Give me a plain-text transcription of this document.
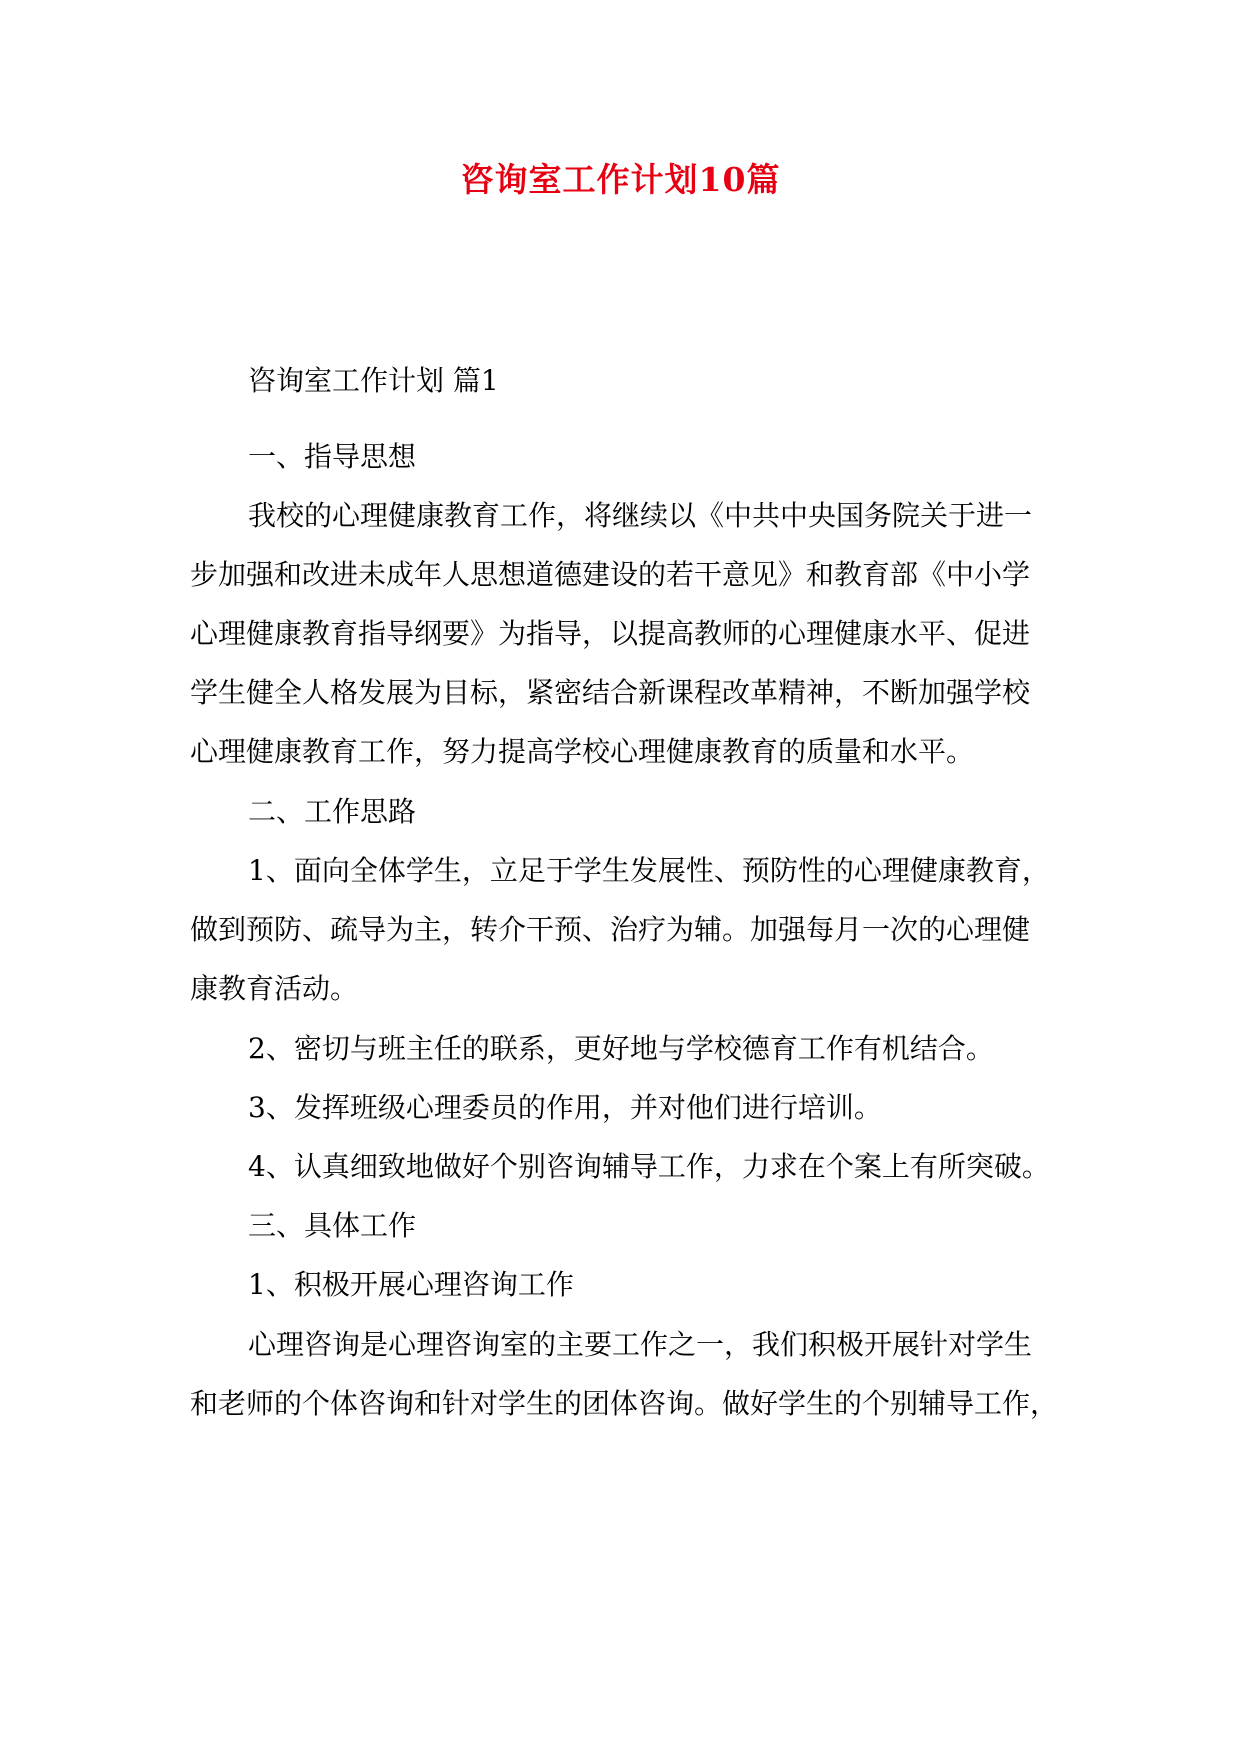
咨询室工作计划10篇
咨询室工作计划 篇1
一、指导思想
我校的心理健康教育工作，将继续以《中共中央国务院关于进一
步加强和改进未成年人思想道德建设的若干意见》和教育部《中小学
心理健康教育指导纲要》为指导，以提高教师的心理健康水平、促进
学生健全人格发展为目标，紧密结合新课程改革精神，不断加强学校
心理健康教育工作，努力提高学校心理健康教育的质量和水平。
二、工作思路
1、面向全体学生，立足于学生发展性、预防性的心理健康教育，
做到预防、疏导为主，转介干预、治疗为辅。加强每月一次的心理健
康教育活动。
2、密切与班主任的联系，更好地与学校德育工作有机结合。
3、发挥班级心理委员的作用，并对他们进行培训。
4、认真细致地做好个别咨询辅导工作，力求在个案上有所突破。
三、具体工作
1、积极开展心理咨询工作
心理咨询是心理咨询室的主要工作之一，我们积极开展针对学生
和老师的个体咨询和针对学生的团体咨询。做好学生的个别辅导工作，
